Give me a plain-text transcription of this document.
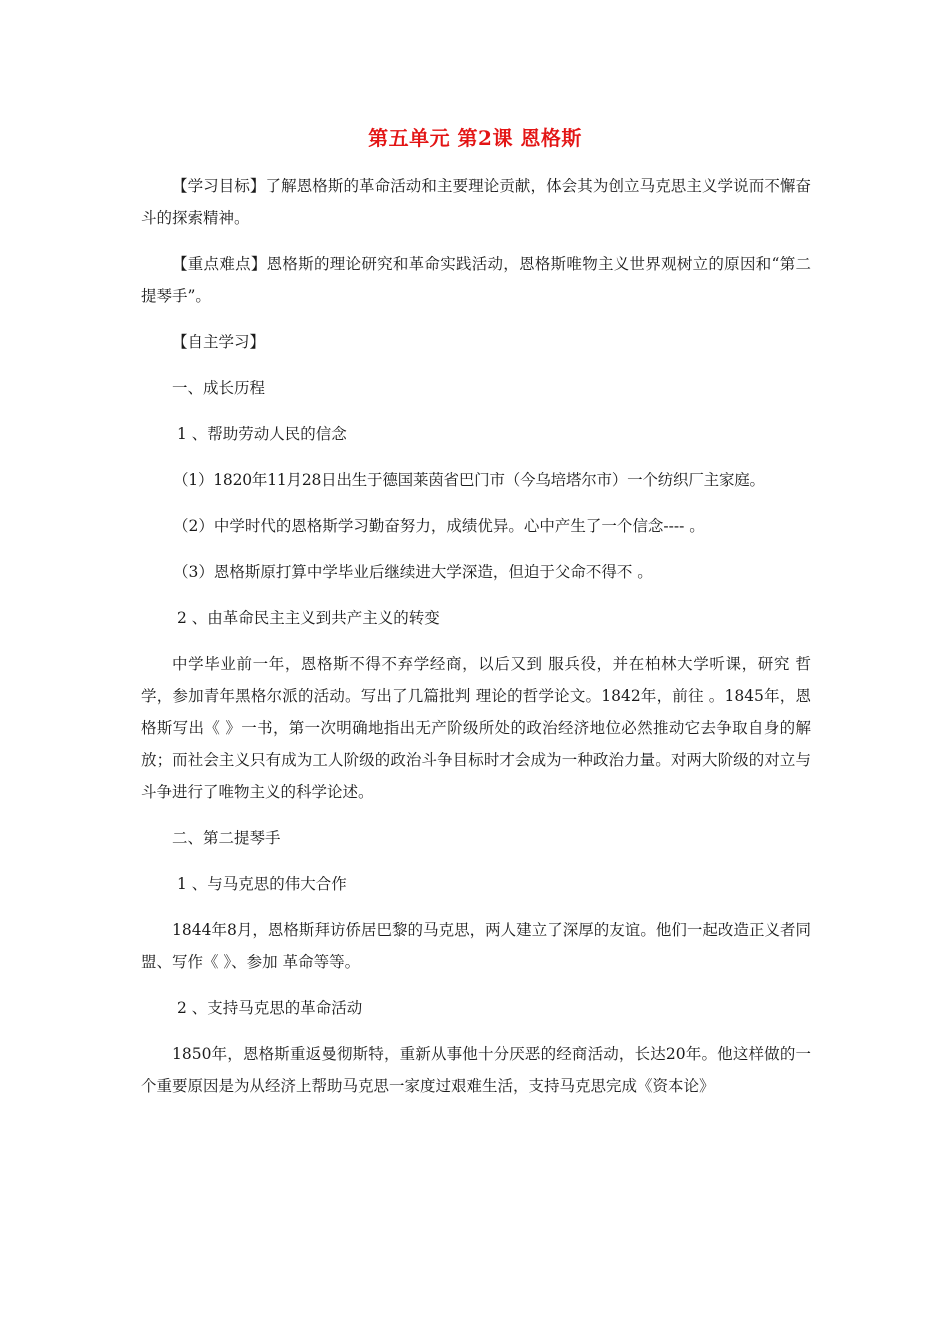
第五单元 第2课 恩格斯

【学习目标】了解恩格斯的革命活动和主要理论贡献，体会其为创立马克思主义学说而不懈奋斗的探索精神。

【重点难点】恩格斯的理论研究和革命实践活动，恩格斯唯物主义世界观树立的原因和“第二提琴手”。

【自主学习】

一、成长历程

1 、帮助劳动人民的信念

（1）1820年11月28日出生于德国莱茵省巴门市（今乌培塔尔市）一个纺织厂主家庭。

（2）中学时代的恩格斯学习勤奋努力，成绩优异。心中产生了一个信念---- 。

（3）恩格斯原打算中学毕业后继续进大学深造，但迫于父命不得不 。

2 、由革命民主主义到共产主义的转变

中学毕业前一年，恩格斯不得不弃学经商，以后又到 服兵役，并在柏林大学听课，研究 哲学，参加青年黑格尔派的活动。写出了几篇批判 理论的哲学论文。1842年，前往 。1845年，恩格斯写出《 》一书，第一次明确地指出无产阶级所处的政治经济地位必然推动它去争取自身的解放；而社会主义只有成为工人阶级的政治斗争目标时才会成为一种政治力量。对两大阶级的对立与斗争进行了唯物主义的科学论述。

二、第二提琴手

1 、与马克思的伟大合作

1844年8月，恩格斯拜访侨居巴黎的马克思，两人建立了深厚的友谊。他们一起改造正义者同盟、写作《 》、参加 革命等等。

2 、支持马克思的革命活动

1850年，恩格斯重返曼彻斯特，重新从事他十分厌恶的经商活动，长达20年。他这样做的一个重要原因是为从经济上帮助马克思一家度过艰难生活，支持马克思完成《资本论》
